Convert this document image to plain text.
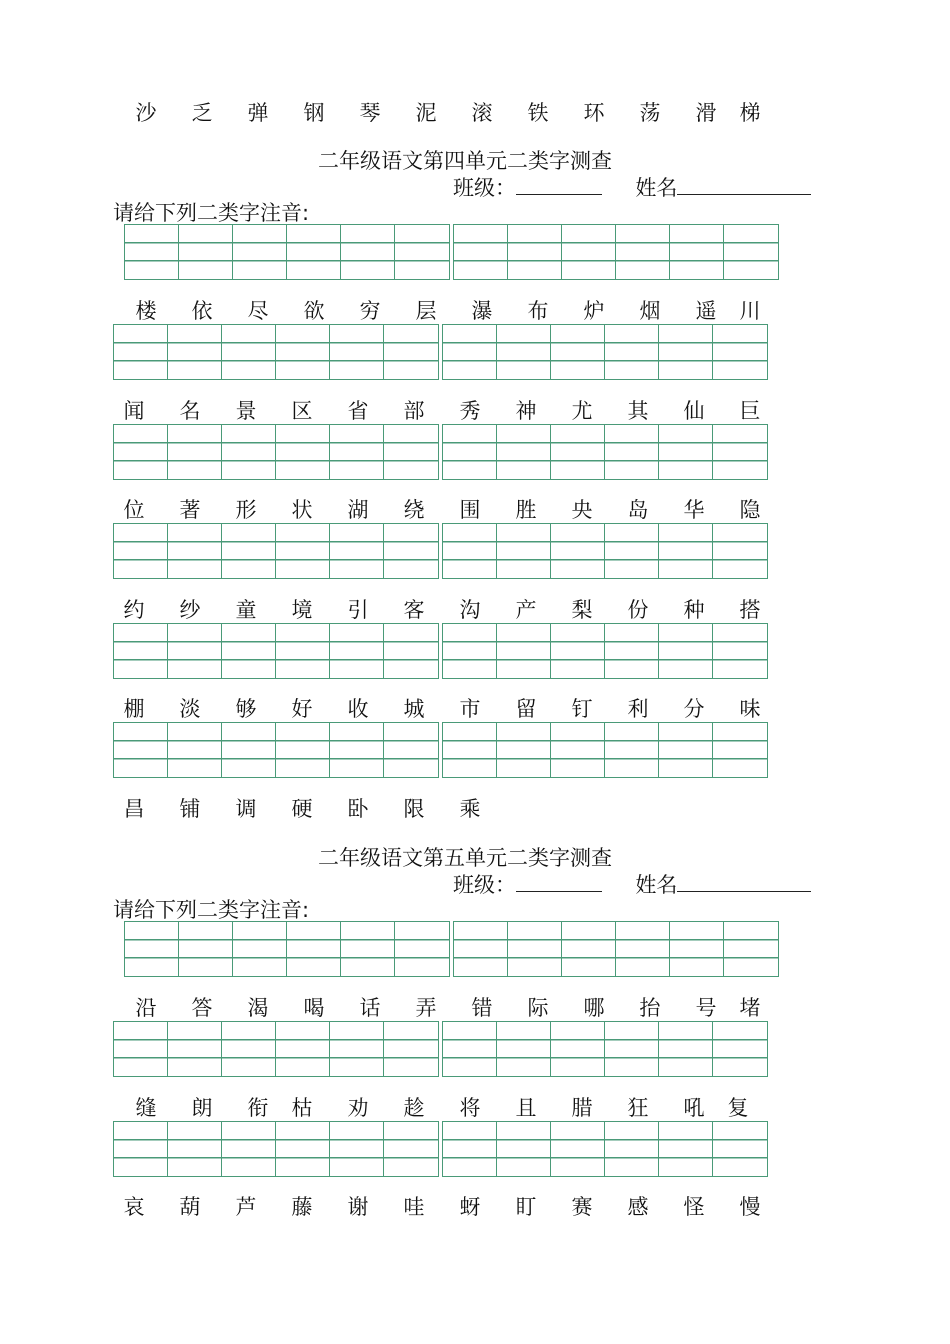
沙 乏 弹 钢 琴 泥 滚 铁 环 荡 滑 梯
二年级语文第四单元二类字测查
班级：	姓名
请给下列二类字注音:
楼 依 尽 欲 穷 层 瀑 布 炉 烟 遥 川
闻 名 景 区 省 部 秀 神 尤 其 仙 巨
位 著 形 状 湖 绕 围 胜 央 岛 华 隐
约 纱 童 境 引 客 沟 产 梨 份 种 搭
棚 淡 够 好 收 城 市 留 钉 利 分 味
昌 铺 调 硬 卧 限 乘
二年级语文第五单元二类字测查
班级：	姓名
请给下列二类字注音:
沿 答 渴 喝 话 弄 错 际 哪 抬 号 堵
缝 朗 衔 枯 劝 趁 将 且 腊 狂 吼 复
哀 葫 芦 藤 谢 哇 蚜 盯 赛 感 怪 慢
